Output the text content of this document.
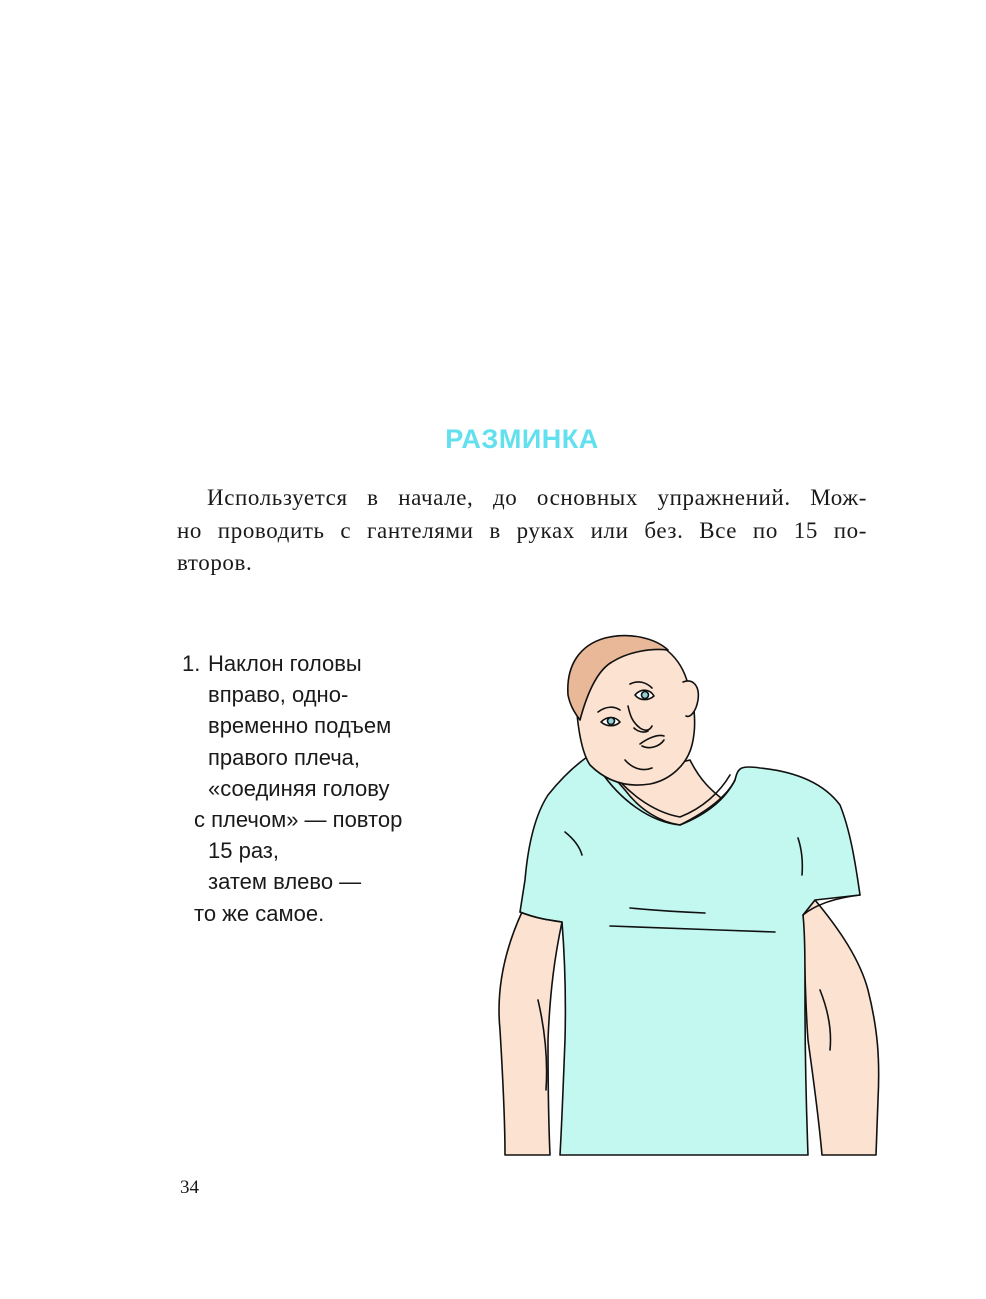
РАЗМИНКА
Используется в начале, до основных упражнений. Мож-
но проводить с гантелями в руках или без. Все по 15 по-
второв.
1. Наклон головы
вправо, одно-
временно подъем
правого плеча,
«соединяя голову
с плечом» — повтор
15 раз,
затем влево —
то же самое.
34
